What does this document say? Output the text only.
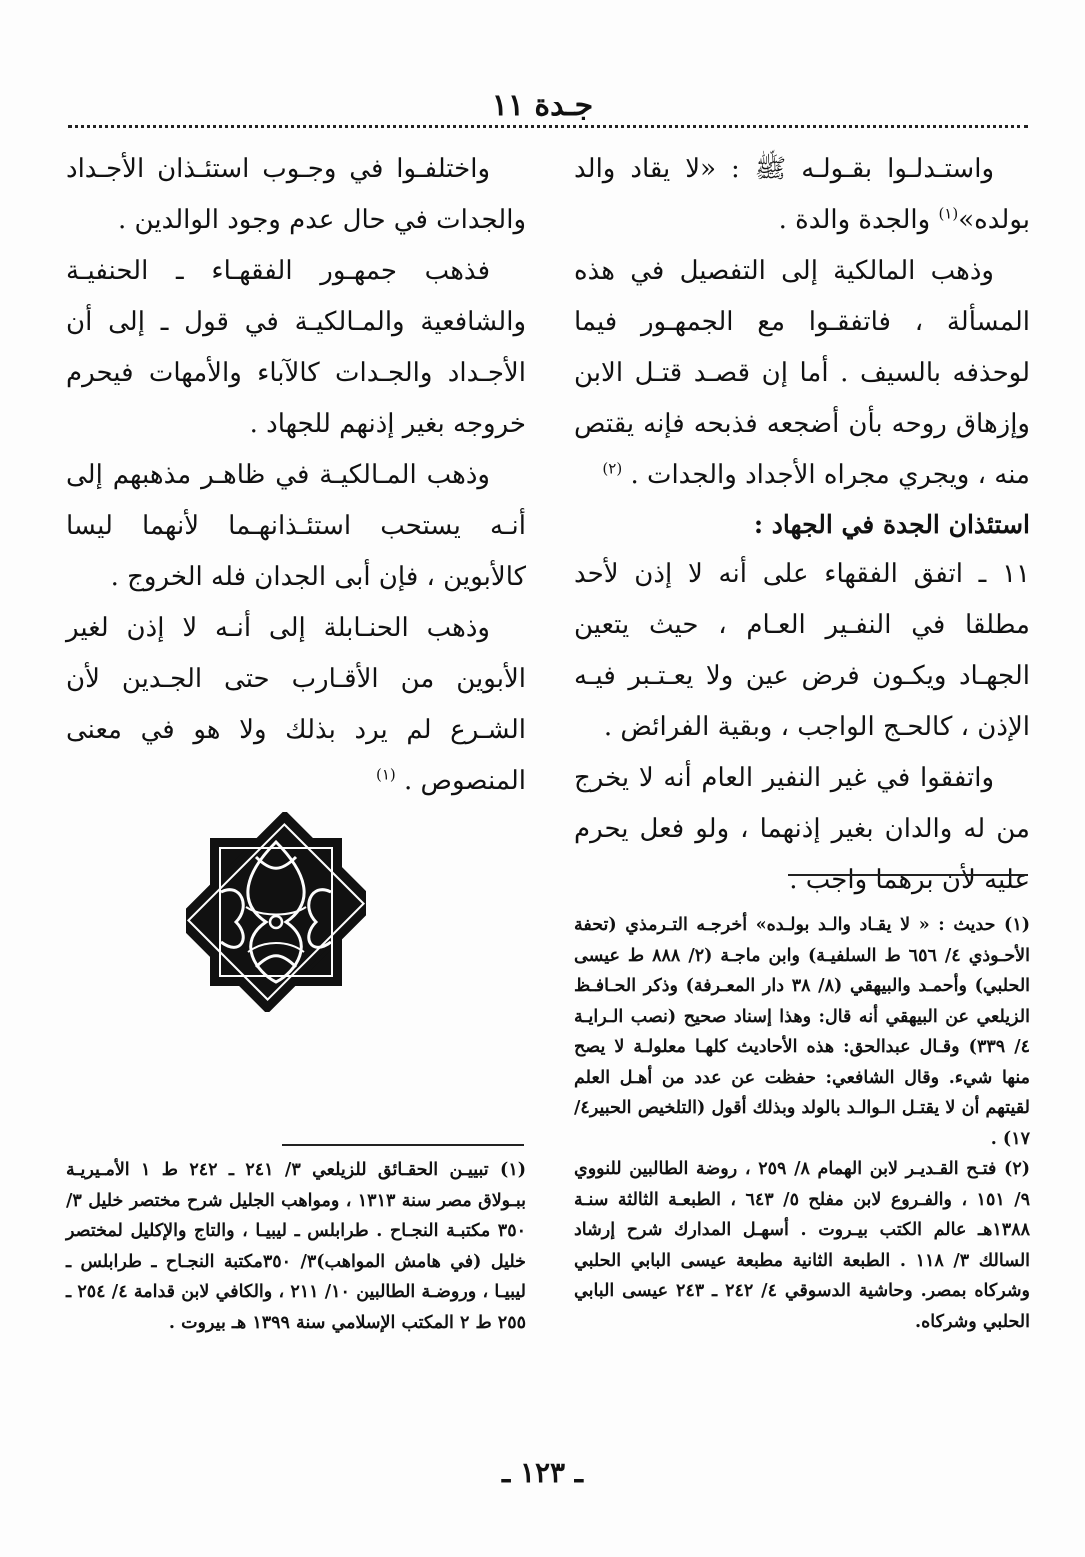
جـدة ١١

واستـدلـوا بقـولـه ﷺ : «لا يقاد والد بولده»$^{(١)}$ والجدة والدة .

وذهب المالكية إلى التفصيل في هذه المسألة ، فاتفقـوا مع الجمهـور فيما لوحذفه بالسيف . أما إن قصـد قتـل الابن وإزهاق روحه بأن أضجعه فذبحه فإنه يقتص منه ، ويجري مجراه الأجداد والجدات . $^{(٢)}$

استئذان الجدة في الجهاد :

١١ ـ اتفق الفقهاء على أنه لا إذن لأحد مطلقا في النفـير العـام ، حيث يتعين الجهـاد ويكـون فرض عين ولا يعـتـبر فيـه الإذن ، كالحـج الواجب ، وبقية الفرائض .

واتفقوا في غير النفير العام أنه لا يخرج من له والدان بغير إذنهما ، ولو فعل يحرم عليه لأن برهما واجب .

واختلفـوا في وجـوب استئـذان الأجـداد والجدات في حال عدم وجود الوالدين .

فذهب جمهـور الفقهـاء ـ الحنفيـة والشافعية والمـالكيـة في قول ـ إلى أن الأجـداد والجـدات كالآباء والأمهات فيحرم خروجه بغير إذنهم للجهاد .

وذهب المـالكيـة في ظاهـر مذهبهم إلى أنـه يستحب استئـذانهـما لأنهما ليسا كالأبوين ، فإن أبى الجدان فله الخروج .

وذهب الحنـابلة إلى أنـه لا إذن لغير الأبوين من الأقـارب حتى الجـدين لأن الشـرع لم يرد بذلك ولا هو في معنى المنصوص . $^{(١)}$

(١) حديث : « لا يقـاد والـد بولـده» أخرجـه التـرمذي (تحفة الأحـوذي ٤/ ٦٥٦ ط السلفيـة) وابن ماجـة (٢/ ٨٨٨ ط عيسى الحلبي) وأحمـد والبيهقي (٨/ ٣٨ دار المعـرفة) وذكر الحـافـظ الزيلعي عن البيهقي أنه قال: وهذا إسناد صحيح (نصب الـرايـة ٤/ ٣٣٩) وقـال عبدالحق: هذه الأحاديث كلهـا معلولـة لا يصح منها شيء. وقال الشافعي: حفظت عن عدد من أهـل العلم لقيتهم أن لا يقتـل الـوالـد بالولد وبذلك أقول (التلخيص الحبير٤/ ١٧) .

(٢) فتـح القـديـر لابن الهمام ٨/ ٢٥٩ ، روضة الطالبين للنووي ٩/ ١٥١ ، والفـروع لابن مفلح ٥/ ٦٤٣ ، الطبعـة الثالثة سنـة ١٣٨٨هـ عالم الكتب بيـروت . أسهـل المدارك شرح إرشاد السالك ٣/ ١١٨ . الطبعة الثانية مطبعة عيسى البابي الحلبي وشركاه بمصر. وحاشية الدسوقي ٤/ ٢٤٢ ـ ٢٤٣ عيسى البابي الحلبي وشركاه.

(١) تبييـن الحقـائق للزيلعي ٣/ ٢٤١ ـ ٢٤٢ ط ١ الأمـيريـة ببـولاق مصر سنة ١٣١٣ ، ومواهب الجليل شرح مختصر خليل ٣/ ٣٥٠ مكتبـة النجـاح . طرابلس ـ ليبيـا ، والتاج والإكليل لمختصر خليل (في هامش المواهب)٣/ ٣٥٠مكتبة النجـاح ـ طرابلس ـ ليبيـا ، وروضـة الطالبين ١٠/ ٢١١ ، والكافي لابن قدامة ٤/ ٢٥٤ ـ ٢٥٥ ط ٢ المكتب الإسلامي سنة ١٣٩٩ هـ بيروت .

ـ ١٢٣ ـ
